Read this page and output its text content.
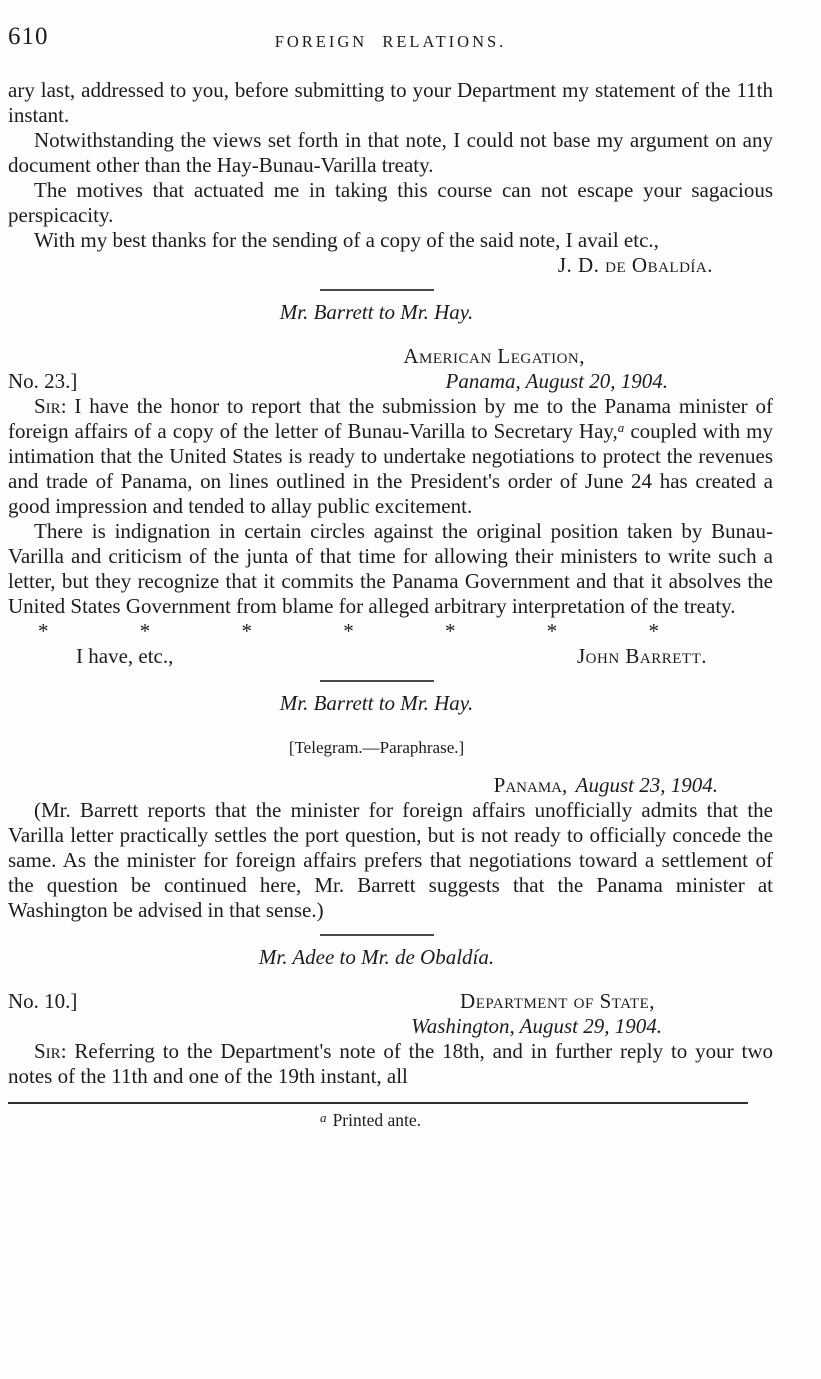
610	FOREIGN RELATIONS.

ary last, addressed to you, before submitting to your Department my statement of the 11th instant.

Notwithstanding the views set forth in that note, I could not base my argument on any document other than the Hay-Bunau-Varilla treaty.

The motives that actuated me in taking this course can not escape your sagacious perspicacity.

With my best thanks for the sending of a copy of the said note, I avail etc.,

J. D. de Obaldía.
Mr. Barrett to Mr. Hay.
American Legation,
No. 23.]	Panama, August 20, 1904.

Sir: I have the honor to report that the submission by me to the Panama minister of foreign affairs of a copy of the letter of Bunau-Varilla to Secretary Hay,$^a$ coupled with my intimation that the United States is ready to undertake negotiations to protect the revenues and trade of Panama, on lines outlined in the President's order of June 24 has created a good impression and tended to allay public excitement.

There is indignation in certain circles against the original position taken by Bunau-Varilla and criticism of the junta of that time for allowing their ministers to write such a letter, but they recognize that it commits the Panama Government and that it absolves the United States Government from blame for alleged arbitrary interpretation of the treaty.

* * * * * * *
I have, etc.,	John Barrett.
Mr. Barrett to Mr. Hay.
[Telegram.—Paraphrase.]
Panama, August 23, 1904.

(Mr. Barrett reports that the minister for foreign affairs unofficially admits that the Varilla letter practically settles the port question, but is not ready to officially concede the same. As the minister for foreign affairs prefers that negotiations toward a settlement of the question be continued here, Mr. Barrett suggests that the Panama minister at Washington be advised in that sense.)

Mr. Adee to Mr. de Obaldía.
No. 10.]	Department of State,
Washington, August 29, 1904.

Sir: Referring to the Department's note of the 18th, and in further reply to your two notes of the 11th and one of the 19th instant, all

$^a$ Printed ante.
